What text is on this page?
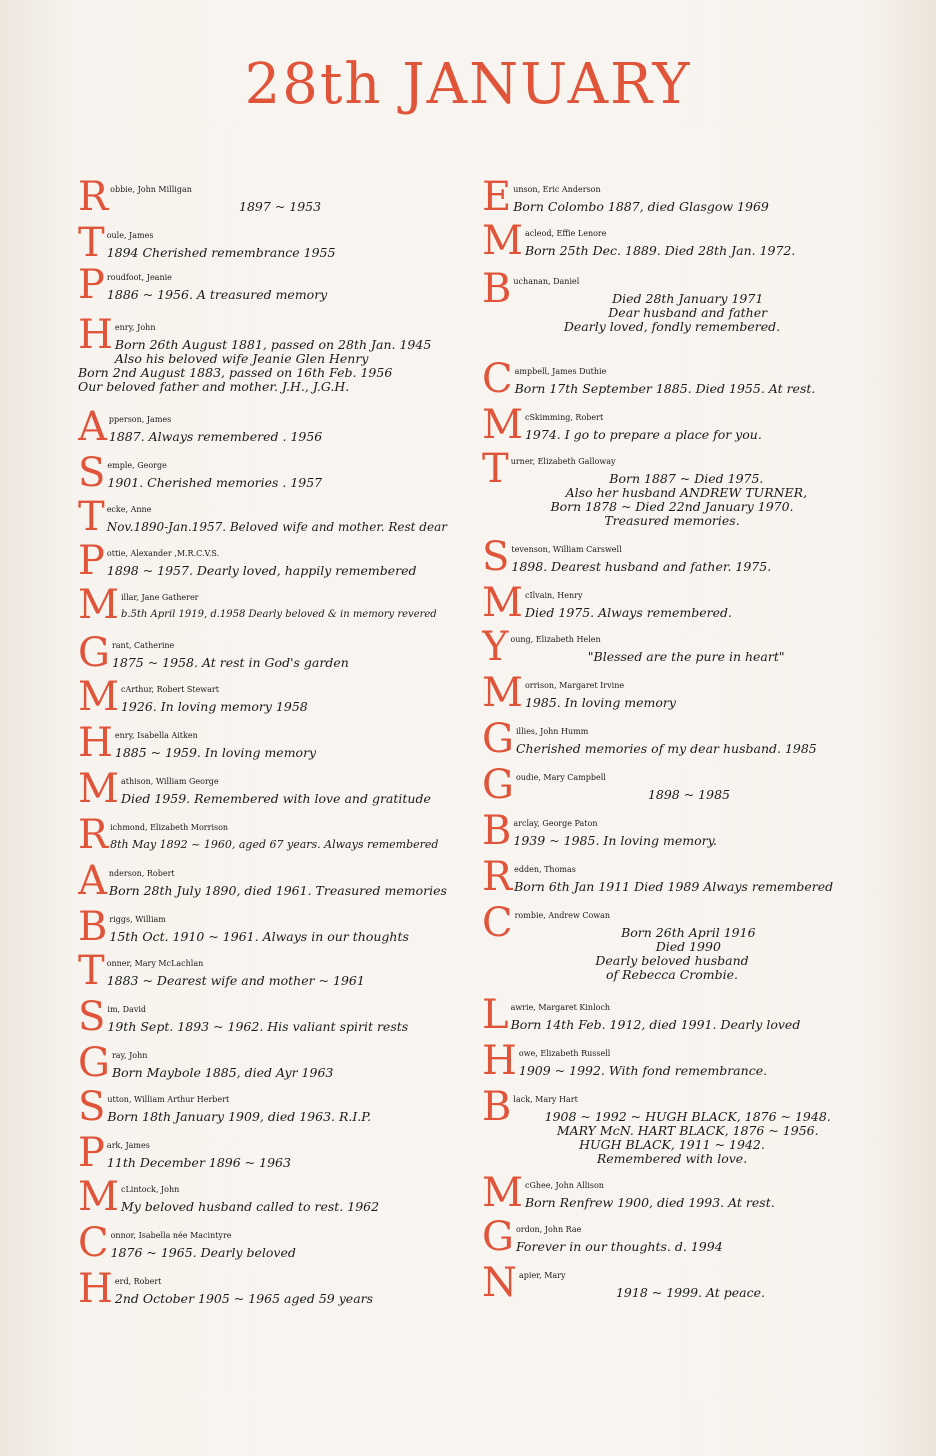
28th JANUARY
R obbie, John Milligan
1897 ~ 1953
T oule, James
1894 Cherished remembrance 1955
P roudfoot, Jeanie
1886 ~ 1956. A treasured memory
H enry, John
Born 26th August 1881, passed on 28th Jan. 1945
Also his beloved wife Jeanie Glen Henry
Born 2nd August 1883, passed on 16th Feb. 1956
Our beloved father and mother. J.H., J.G.H.
A pperson, James
1887. Always remembered . 1956
S emple, George
1901. Cherished memories . 1957
T ecke, Anne
Nov.1890-Jan.1957. Beloved wife and mother. Rest dear
P ottie, Alexander ,M.R.C.V.S.
1898 ~ 1957. Dearly loved, happily remembered
M illar, Jane Gatherer
b.5th April 1919, d.1958 Dearly beloved & in memory revered
G rant, Catherine
1875 ~ 1958. At rest in God's garden
M cArthur, Robert Stewart
1926. In loving memory 1958
H enry, Isabella Aitken
1885 ~ 1959. In loving memory
M athison, William George
Died 1959. Remembered with love and gratitude
R ichmond, Elizabeth Morrison
8th May 1892 ~ 1960, aged 67 years. Always remembered
A nderson, Robert
Born 28th July 1890, died 1961. Treasured memories
B riggs, William
15th Oct. 1910 ~ 1961. Always in our thoughts
T onner, Mary McLachlan
1883 ~ Dearest wife and mother ~ 1961
S im, David
19th Sept. 1893 ~ 1962. His valiant spirit rests
G ray, John
Born Maybole 1885, died Ayr 1963
S utton, William Arthur Herbert
Born 18th January 1909, died 1963. R.I.P.
P ark, James
11th December 1896 ~ 1963
M cLintock, John
My beloved husband called to rest. 1962
C onnor, Isabella née Macintyre
1876 ~ 1965. Dearly beloved
H erd, Robert
2nd October 1905 ~ 1965 aged 59 years
E unson, Eric Anderson
Born Colombo 1887, died Glasgow 1969
M acleod, Effie Lenore
Born 25th Dec. 1889. Died 28th Jan. 1972.
B uchanan, Daniel
Died 28th January 1971
Dear husband and father
Dearly loved, fondly remembered.
C ampbell, James Duthie
Born 17th September 1885. Died 1955. At rest.
M cSkimming, Robert
1974. I go to prepare a place for you.
T urner, Elizabeth Galloway
Born 1887 ~ Died 1975.
Also her husband ANDREW TURNER,
Born 1878 ~ Died 22nd January 1970.
Treasured memories.
S tevenson, William Carswell
1898. Dearest husband and father. 1975.
M cIlvain, Henry
Died 1975. Always remembered.
Y oung, Elizabeth Helen
"Blessed are the pure in heart"
M orrison, Margaret Irvine
1985. In loving memory
G illies, John Humm
Cherished memories of my dear husband. 1985
G oudie, Mary Campbell
1898 ~ 1985
B arclay, George Paton
1939 ~ 1985. In loving memory.
R edden, Thomas
Born 6th Jan 1911 Died 1989 Always remembered
C rombie, Andrew Cowan
Born 26th April 1916
Died 1990
Dearly beloved husband
of Rebecca Crombie.
L awrie, Margaret Kinloch
Born 14th Feb. 1912, died 1991. Dearly loved
H owe, Elizabeth Russell
1909 ~ 1992. With fond remembrance.
B lack, Mary Hart
1908 ~ 1992 ~ HUGH BLACK, 1876 ~ 1948.
MARY McN. HART BLACK, 1876 ~ 1956.
HUGH BLACK, 1911 ~ 1942.
Remembered with love.
M cGhee, John Allison
Born Renfrew 1900, died 1993. At rest.
G ordon, John Rae
Forever in our thoughts. d. 1994
N apier, Mary
1918 ~ 1999. At peace.
